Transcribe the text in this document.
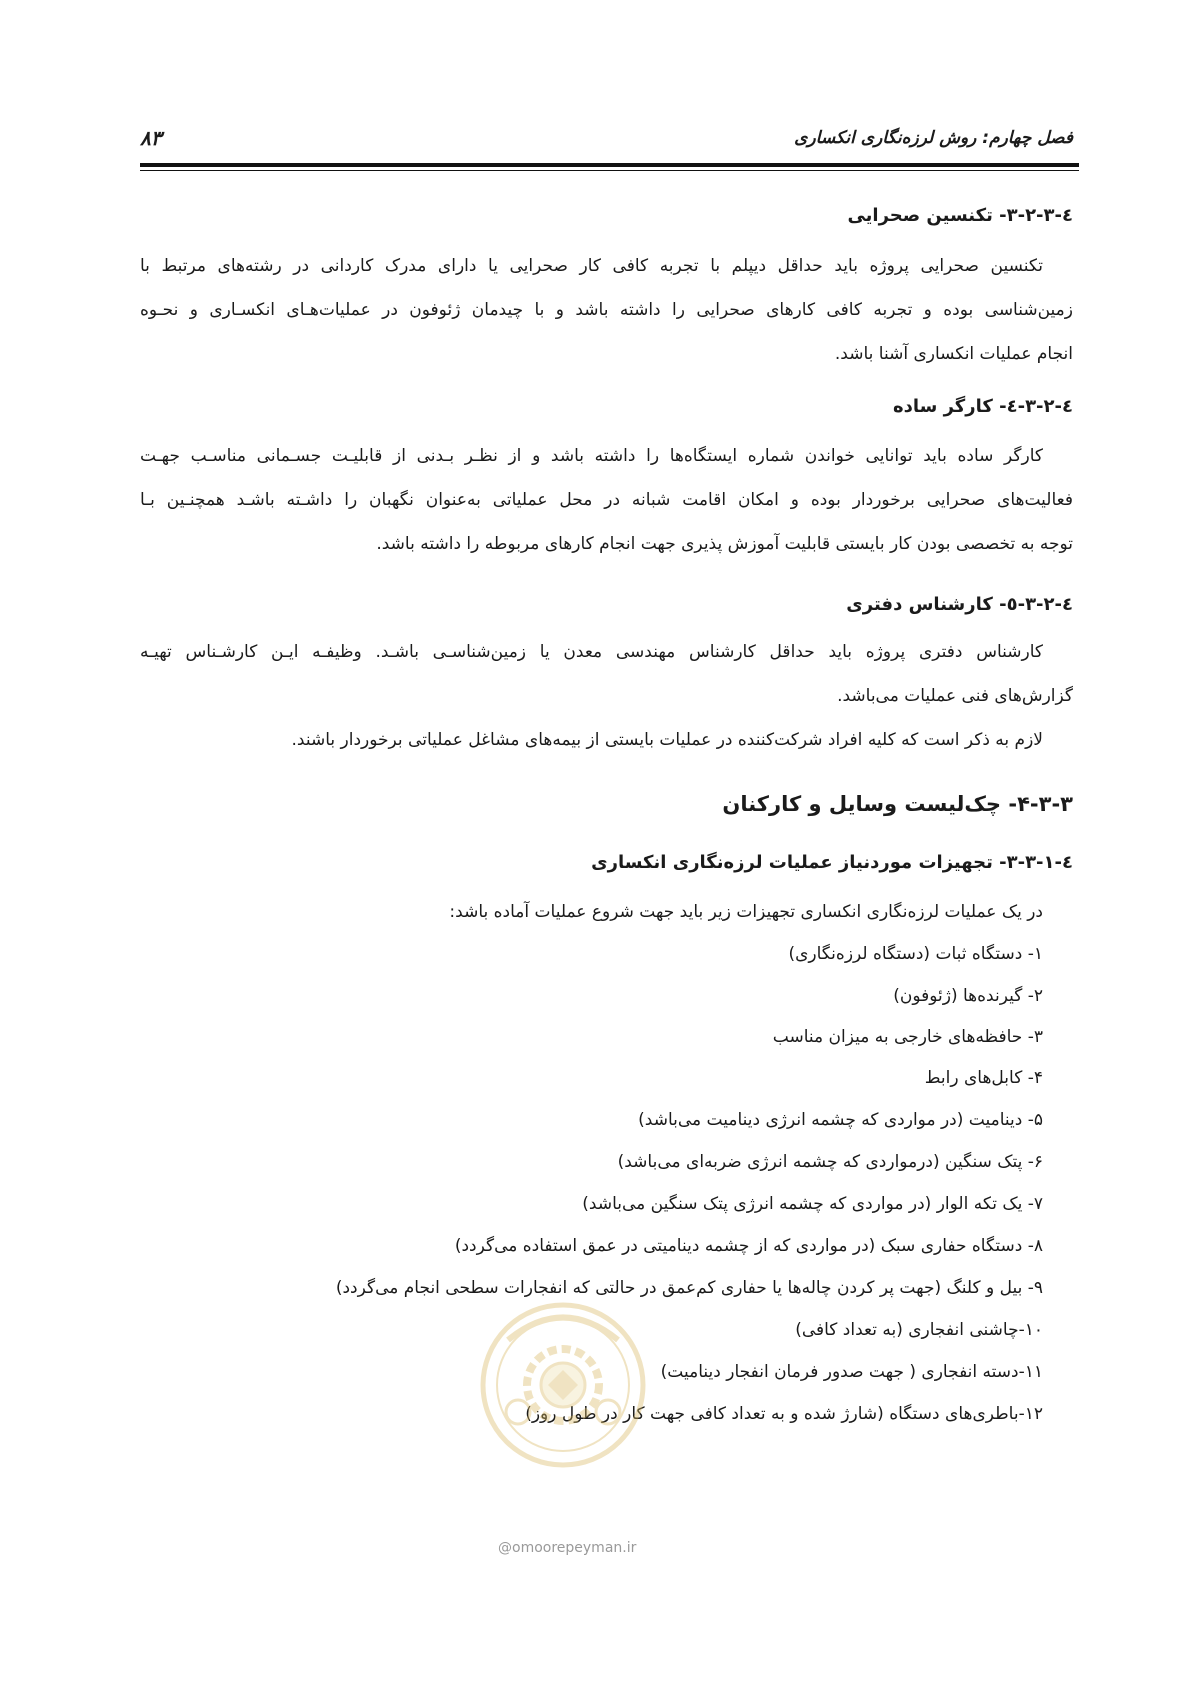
فصل چهارم: روش لرزه‌نگاری انکساری
۸۳
٤-۳-۲-۳- تکنسین صحرایی
تکنسین صحرایی پروژه باید حداقل دیپلم با تجربه کافی کار صحرایی یا دارای مدرک کاردانی در رشته‌های مرتبط با
زمین‌شناسی بوده و تجربه کافی کارهای صحرایی را داشته باشد و با چیدمان ژئوفون در عملیات‌هـای انکسـاری و نحـوه
انجام عملیات انکساری آشنا باشد.
٤-۳-۲-٤- کارگر ساده
کارگر ساده باید توانایی خواندن شماره ایستگاه‌ها را داشته باشد و از نظـر بـدنی از قابلیـت جسـمانی مناسـب جهـت
فعالیت‌های صحرایی برخوردار بوده و امکان اقامت شبانه در محل عملیاتی به‌عنوان نگهبان را داشـته باشـد همچنـین بـا
توجه به تخصصی بودن کار بایستی قابلیت آموزش پذیری جهت انجام کارهای مربوطه را داشته باشد.
٤-۳-۲-٥- کارشناس دفتری
کارشناس دفتری پروژه باید حداقل کارشناس مهندسی معدن یا زمین‌شناسـی باشـد. وظیفـه ایـن کارشـناس تهیـه
گزارش‌های فنی عملیات می‌باشد.
لازم به ذکر است که کلیه افراد شرکت‌کننده در عملیات بایستی از بیمه‌های مشاغل عملیاتی برخوردار باشند.
۴-۳-۳- چک‌لیست وسایل و کارکنان
٤-۳-۳-۱- تجهیزات موردنیاز عملیات لرزه‌نگاری انکساری
در یک عملیات لرزه‌نگاری انکساری تجهیزات زیر باید جهت شروع عملیات آماده باشد:
۱- دستگاه ثبات (دستگاه لرزه‌نگاری)
۲- گیرنده‌ها (ژئوفون)
۳- حافظه‌های خارجی به میزان مناسب
۴- کابل‌های رابط
۵- دینامیت (در مواردی که چشمه انرژی دینامیت می‌باشد)
۶- پتک سنگین (درمواردی که چشمه انرژی ضربه‌ای می‌باشد)
۷- یک تکه الوار (در مواردی که چشمه انرژی پتک سنگین می‌باشد)
۸- دستگاه حفاری سبک (در مواردی که از چشمه دینامیتی در عمق استفاده می‌گردد)
۹- بیل و کلنگ (جهت پر کردن چاله‌ها یا حفاری کم‌عمق در حالتی که انفجارات سطحی انجام می‌گردد)
۱۰-چاشنی انفجاری (به تعداد کافی)
۱۱-دسته انفجاری ( جهت صدور فرمان انفجار دینامیت)
۱۲-باطری‌های دستگاه (شارژ شده و به تعداد کافی جهت کار در طول روز)
@omoorepeyman.ir
